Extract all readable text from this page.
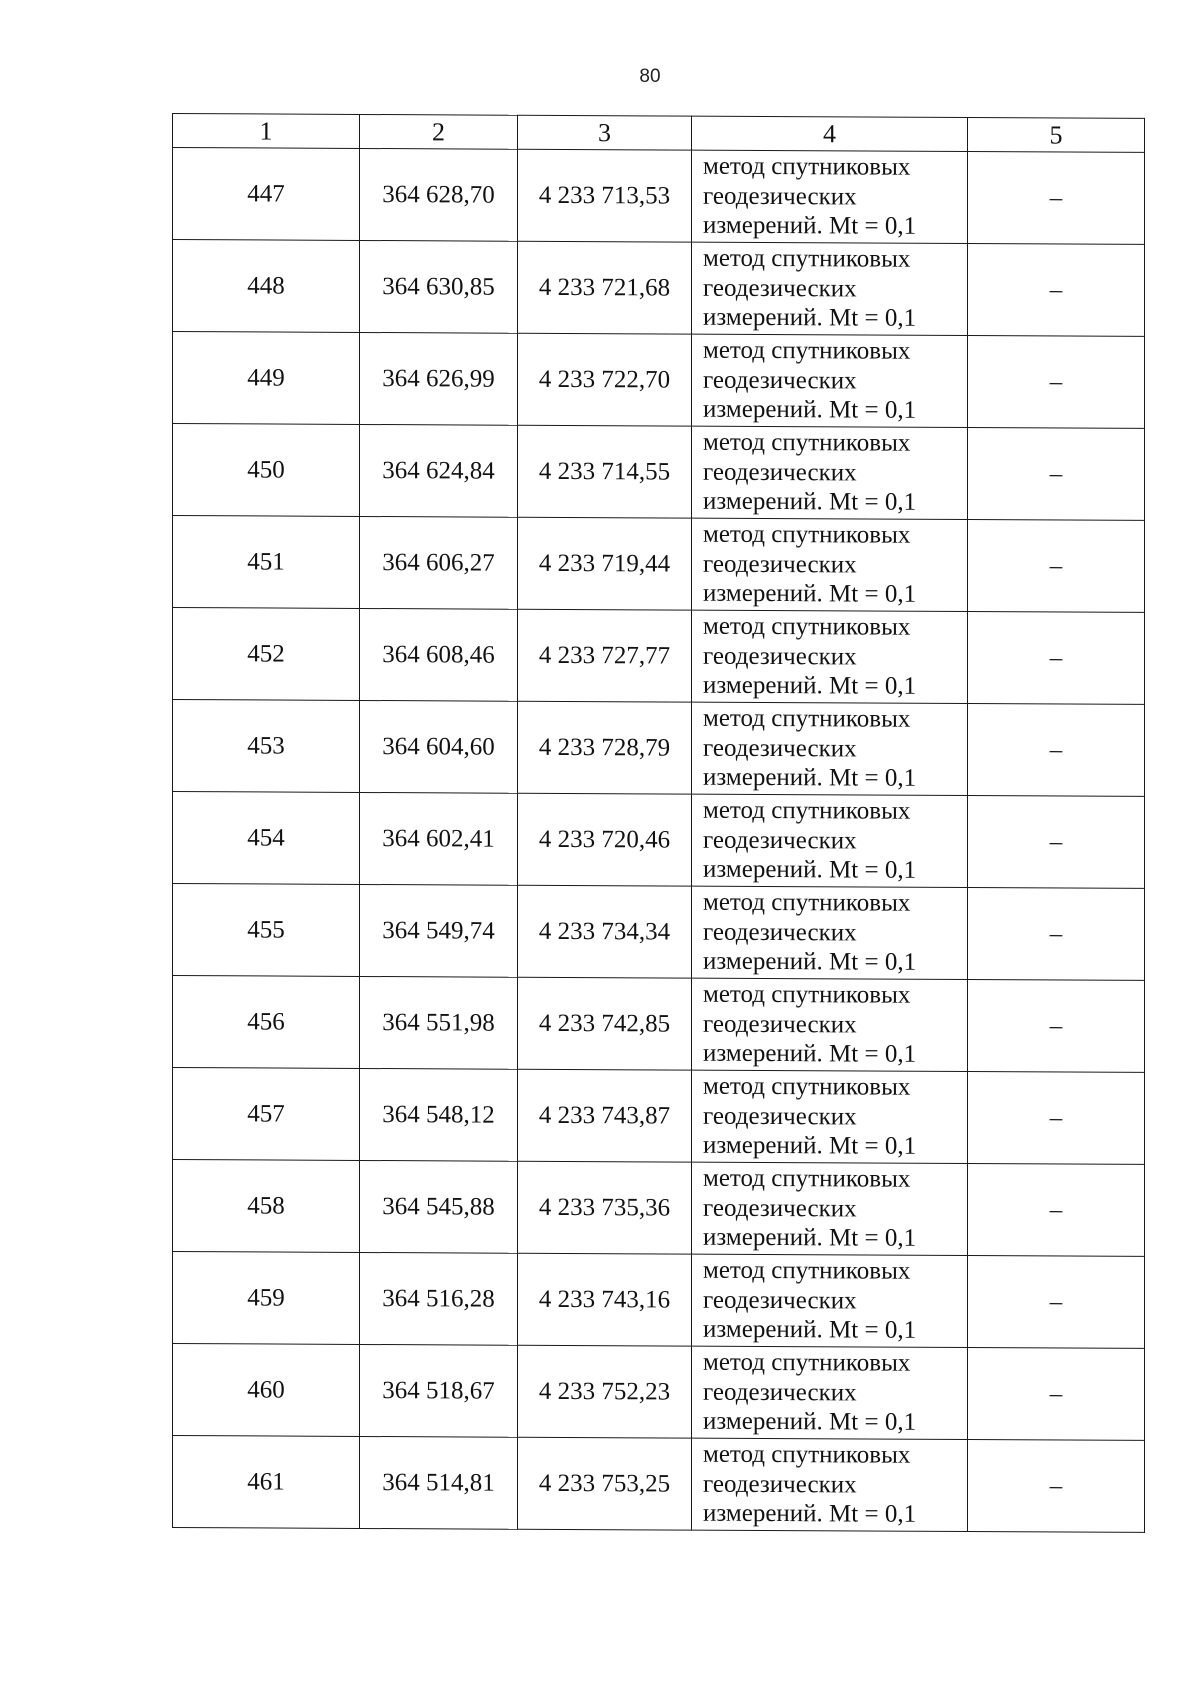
80
1	2	3	4	5
447	364 628,70	4 233 713,53	метод спутниковых
геодезических
измерений. Mt = 0,1	–
448	364 630,85	4 233 721,68	метод спутниковых
геодезических
измерений. Mt = 0,1	–
449	364 626,99	4 233 722,70	метод спутниковых
геодезических
измерений. Mt = 0,1	–
450	364 624,84	4 233 714,55	метод спутниковых
геодезических
измерений. Mt = 0,1	–
451	364 606,27	4 233 719,44	метод спутниковых
геодезических
измерений. Mt = 0,1	–
452	364 608,46	4 233 727,77	метод спутниковых
геодезических
измерений. Mt = 0,1	–
453	364 604,60	4 233 728,79	метод спутниковых
геодезических
измерений. Mt = 0,1	–
454	364 602,41	4 233 720,46	метод спутниковых
геодезических
измерений. Mt = 0,1	–
455	364 549,74	4 233 734,34	метод спутниковых
геодезических
измерений. Mt = 0,1	–
456	364 551,98	4 233 742,85	метод спутниковых
геодезических
измерений. Mt = 0,1	–
457	364 548,12	4 233 743,87	метод спутниковых
геодезических
измерений. Mt = 0,1	–
458	364 545,88	4 233 735,36	метод спутниковых
геодезических
измерений. Mt = 0,1	–
459	364 516,28	4 233 743,16	метод спутниковых
геодезических
измерений. Mt = 0,1	–
460	364 518,67	4 233 752,23	метод спутниковых
геодезических
измерений. Mt = 0,1	–
461	364 514,81	4 233 753,25	метод спутниковых
геодезических
измерений. Mt = 0,1	–
